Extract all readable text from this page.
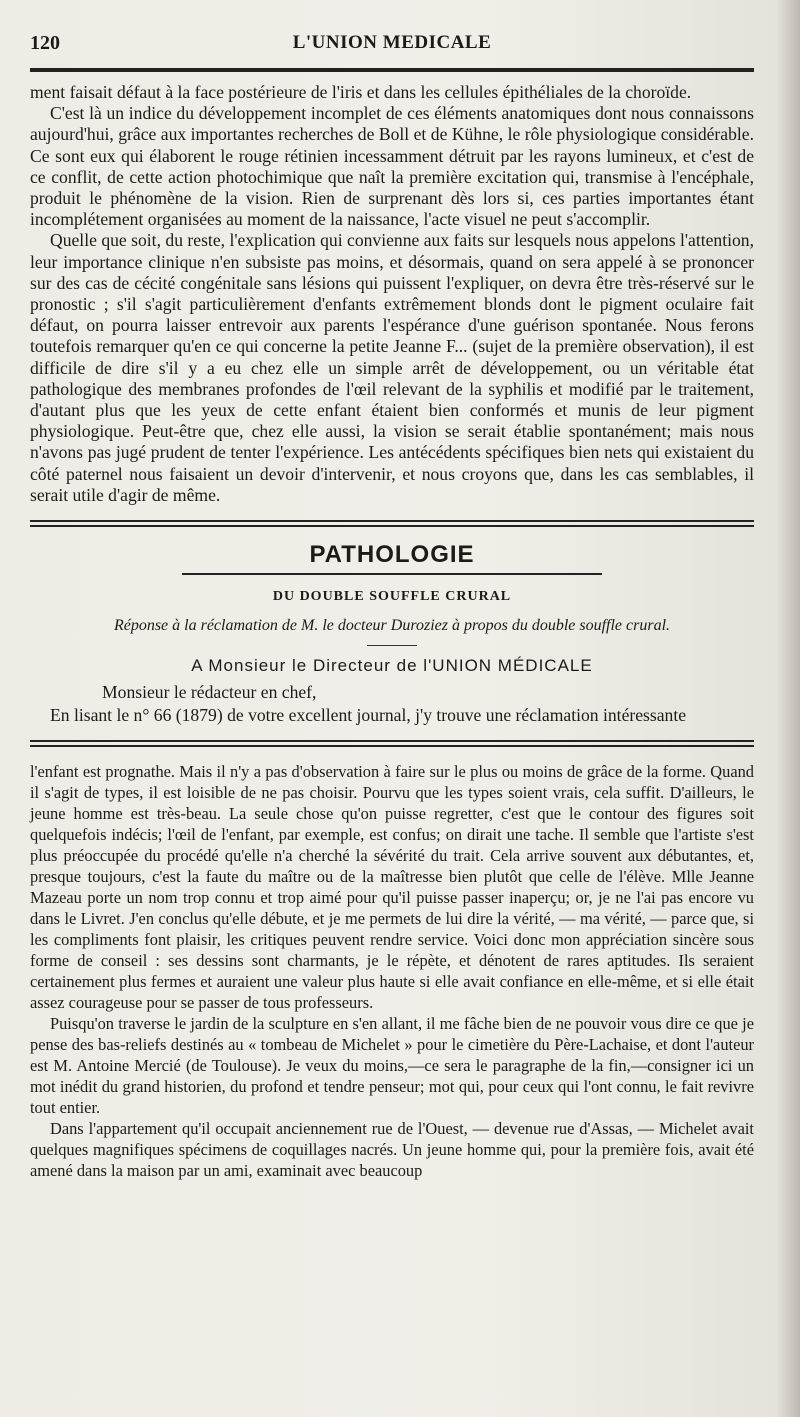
120	L'UNION MEDICALE

ment faisait défaut à la face postérieure de l'iris et dans les cellules épithéliales de la choroïde.

C'est là un indice du développement incomplet de ces éléments anatomiques dont nous connaissons aujourd'hui, grâce aux importantes recherches de Boll et de Kühne, le rôle physiologique considérable. Ce sont eux qui élaborent le rouge rétinien incessamment détruit par les rayons lumineux, et c'est de ce conflit, de cette action photochimique que naît la première excitation qui, transmise à l'encéphale, produit le phénomène de la vision. Rien de surprenant dès lors si, ces parties importantes étant incomplétement organisées au moment de la naissance, l'acte visuel ne peut s'accomplir.

Quelle que soit, du reste, l'explication qui convienne aux faits sur lesquels nous appelons l'attention, leur importance clinique n'en subsiste pas moins, et désormais, quand on sera appelé à se prononcer sur des cas de cécité congénitale sans lésions qui puissent l'expliquer, on devra être très-réservé sur le pronostic ; s'il s'agit particulièrement d'enfants extrêmement blonds dont le pigment oculaire fait défaut, on pourra laisser entrevoir aux parents l'espérance d'une guérison spontanée. Nous ferons toutefois remarquer qu'en ce qui concerne la petite Jeanne F... (sujet de la première observation), il est difficile de dire s'il y a eu chez elle un simple arrêt de développement, ou un véritable état pathologique des membranes profondes de l'œil relevant de la syphilis et modifié par le traitement, d'autant plus que les yeux de cette enfant étaient bien conformés et munis de leur pigment physiologique. Peut-être que, chez elle aussi, la vision se serait établie spontanément; mais nous n'avons pas jugé prudent de tenter l'expérience. Les antécédents spécifiques bien nets qui existaient du côté paternel nous faisaient un devoir d'intervenir, et nous croyons que, dans les cas semblables, il serait utile d'agir de même.

PATHOLOGIE
DU DOUBLE SOUFFLE CRURAL
Réponse à la réclamation de M. le docteur Duroziez à propos du double souffle crural.
A Monsieur le Directeur de l'UNION MÉDICALE
Monsieur le rédacteur en chef,
En lisant le n° 66 (1879) de votre excellent journal, j'y trouve une réclamation intéressante

l'enfant est prognathe. Mais il n'y a pas d'observation à faire sur le plus ou moins de grâce de la forme. Quand il s'agit de types, il est loisible de ne pas choisir. Pourvu que les types soient vrais, cela suffit. D'ailleurs, le jeune homme est très-beau. La seule chose qu'on puisse regretter, c'est que le contour des figures soit quelquefois indécis; l'œil de l'enfant, par exemple, est confus; on dirait une tache. Il semble que l'artiste s'est plus préoccupée du procédé qu'elle n'a cherché la sévérité du trait. Cela arrive souvent aux débutantes, et, presque toujours, c'est la faute du maître ou de la maîtresse bien plutôt que celle de l'élève. Mlle Jeanne Mazeau porte un nom trop connu et trop aimé pour qu'il puisse passer inaperçu; or, je ne l'ai pas encore vu dans le Livret. J'en conclus qu'elle débute, et je me permets de lui dire la vérité, — ma vérité, — parce que, si les compliments font plaisir, les critiques peuvent rendre service. Voici donc mon appréciation sincère sous forme de conseil : ses dessins sont charmants, je le répète, et dénotent de rares aptitudes. Ils seraient certainement plus fermes et auraient une valeur plus haute si elle avait confiance en elle-même, et si elle était assez courageuse pour se passer de tous professeurs.

Puisqu'on traverse le jardin de la sculpture en s'en allant, il me fâche bien de ne pouvoir vous dire ce que je pense des bas-reliefs destinés au « tombeau de Michelet » pour le cimetière du Père-Lachaise, et dont l'auteur est M. Antoine Mercié (de Toulouse). Je veux du moins,—ce sera le paragraphe de la fin,—consigner ici un mot inédit du grand historien, du profond et tendre penseur; mot qui, pour ceux qui l'ont connu, le fait revivre tout entier.

Dans l'appartement qu'il occupait anciennement rue de l'Ouest, — devenue rue d'Assas, — Michelet avait quelques magnifiques spécimens de coquillages nacrés. Un jeune homme qui, pour la première fois, avait été amené dans la maison par un ami, examinait avec beaucoup
